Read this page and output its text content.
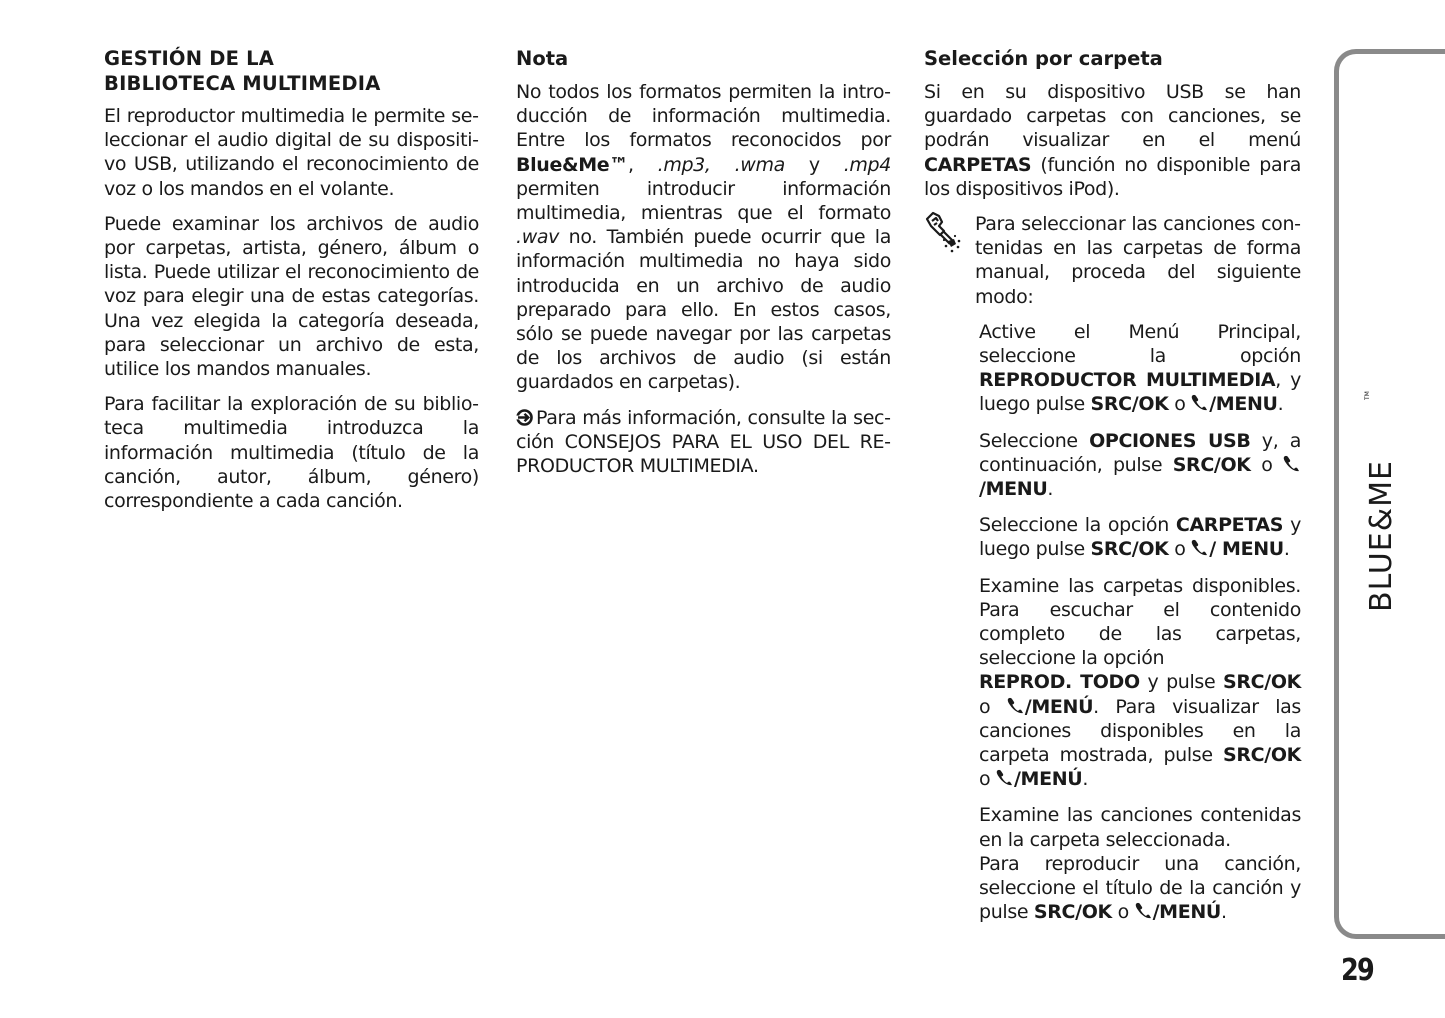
GESTIÓN DE LA
BIBLIOTECA MULTIMEDIA

El reproductor multimedia le permite seleccionar el audio digital de su dispositivo USB, utilizando el reconocimiento de voz o los mandos en el volante.

Puede examinar los archivos de audio por carpetas, artista, género, álbum o lista. Puede utilizar el reconocimiento de voz para elegir una de estas categorías. Una vez elegida la categoría deseada, para seleccionar un archivo de esta, utilice los mandos manuales.

Para facilitar la exploración de su biblioteca multimedia introduzca la información multimedia (título de la canción, autor, álbum, género) correspondiente a cada canción.

Nota

No todos los formatos permiten la introducción de información multimedia. Entre los formatos reconocidos por Blue&Me™, .mp3, .wma y .mp4 permiten introducir información multimedia, mientras que el formato .wav no. También puede ocurrir que la información multimedia no haya sido introducida en un archivo de audio preparado para ello. En estos casos, sólo se puede navegar por las carpetas de los archivos de audio (si están guardados en carpetas).

Para más información, consulte la sección CONSEJOS PARA EL USO DEL REPRODUCTOR MULTIMEDIA.

Selección por carpeta

Si en su dispositivo USB se han guardado carpetas con canciones, se podrán visualizar en el menú CARPETAS (función no disponible para los dispositivos iPod).

Para seleccionar las canciones contenidas en las carpetas de forma manual, proceda del siguiente modo:

Active el Menú Principal, seleccione la opción REPRODUCTOR MULTIMEDIA, y luego pulse SRC/OK o /MENU.

Seleccione OPCIONES USB y, a continuación, pulse SRC/OK o /MENU.

Seleccione la opción CARPETAS y luego pulse SRC/OK o / MENU.

Examine las carpetas disponibles. Para escuchar el contenido completo de las carpetas, seleccione la opción
REPROD. TODO y pulse SRC/OK o /MENÚ. Para visualizar las canciones disponibles en la carpeta mostrada, pulse SRC/OK o /MENÚ.

Examine las canciones contenidas en la carpeta seleccionada.
Para reproducir una canción, seleccione el título de la canción y pulse SRC/OK o /MENÚ.

BLUE&ME
TM
29
